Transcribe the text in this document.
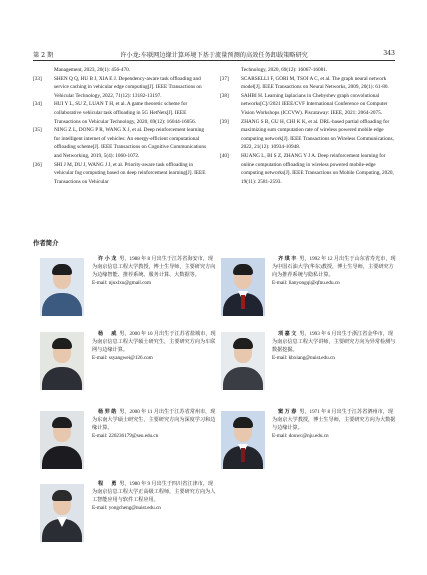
第 2 期	许小龙:车联网边缘计算环境下基于流量预测的高效任务卸载策略研究	343
Management, 2023, 20(1): 456-470.
[33] SHEN Q Q, HU B J, XIA E J. Dependency-aware task offloading and service caching in vehicular edge computing[J]. IEEE Transactions on Vehicular Technology, 2022, 71(12): 13182-13197.
[34] HUI Y L, SU Z, LUAN T H, et al. A game theoretic scheme for collaborative vehicular task offloading in 5G HetNets[J]. IEEE Transactions on Vehicular Technology, 2020, 69(12): 16044-16056.
[35] NING Z L, DONG P R, WANG X J, et al. Deep reinforcement learning for intelligent internet of vehicles: An energy-efficient computational offloading scheme[J]. IEEE Transactions on Cognitive Communications and Networking, 2019, 5(4): 1060-1072.
[36] SHI J M, DU J, WANG J J, et al. Priority-aware task offloading in vehicular fog computing based on deep reinforcement learning[J]. IEEE Transactions on Vehicular
Technology, 2020, 69(12): 16067-16081.
[37] SCARSELLI F, GORI M, TSOI A C, et al. The graph neural network model[J]. IEEE Transactions on Neural Networks, 2009, 20(1): 61-80.
[38] SAHBI H. Learning laplacians in Chebyshev graph convolutional networks[C]//2021 IEEE/CVF International Conference on Computer Vision Workshops (ICCVW). Piscataway: IEEE, 2021: 2064-2075.
[39] ZHANG S B, GU H, CHI K K, et al. DRL-based partial offloading for maximizing sum computation rate of wireless powered mobile edge computing network[J]. IEEE Transactions on Wireless Communications, 2022, 21(12): 10934-10948.
[40] HUANG L, BI S Z, ZHANG Y J A. Deep reinforcement learning for online computation offloading in wireless powered mobile-edge computing networks[J]. IEEE Transactions on Mobile Computing, 2020, 19(11): 2581-2593.
作者简介
许小龙 男，1988 年 8 月出生于江苏省海安市，现为南京信息工程大学教授，博士生导师，主要研究方向为边缘智能、推荐系统、服务计算、大数据等。
E-mail: njuxlxu@gmail.com
齐琪丰 男，1992 年 12 月出生于山东省寿光市，现为中国石油大学(华东)教授，博士生导师，主要研究方向为推荐系统与隐私计算。
E-mail: lianyongqi@qfnu.edu.cn
杨　威 男，2000 年 10 月出生于江苏省盐城市，现为南京信息工程大学硕士研究生，主要研究方向为车联网与边缘计算。
E-mail: ssyangwei@126.com
项嘉文 男，1993 年 6 月出生于浙江省金华市，现为南京信息工程大学讲师，主要研究方向为异常检测与数据挖掘。
E-mail: kbxiang@nuist.edu.cn
杨羿皓 男，2000 年 11 月出生于江苏省常州市，现为东南大学硕士研究生，主要研究方向为深度学习和边缘计算。
E-mail: 220236179@seu.edu.cn
窦万春 男，1971 年 8 月出生于江苏省泗州市，现为南京大学教授，博士生导师，主要研究方向为大数据与边缘计算。
E-mail: douwc@nju.edu.cn
程　勇 男，1980 年 9 月出生于四川省江津市，现为南京信息工程大学正高级工程师，主要研究方向为人工智能应用与软件工程应用。
E-mail: yongcheng@nuist.edu.cn
